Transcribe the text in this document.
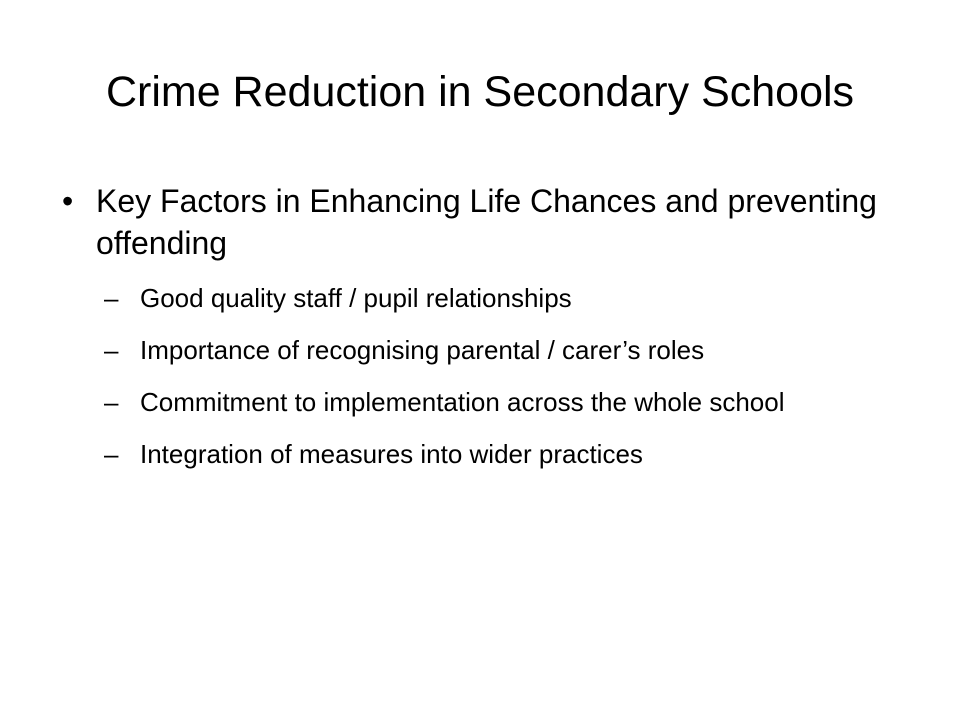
Crime Reduction in Secondary Schools
• Key Factors in Enhancing Life Chances and preventing offending
– Good quality staff / pupil relationships
– Importance of recognising parental / carer’s roles
– Commitment to implementation across the whole school
– Integration of measures into wider practices
